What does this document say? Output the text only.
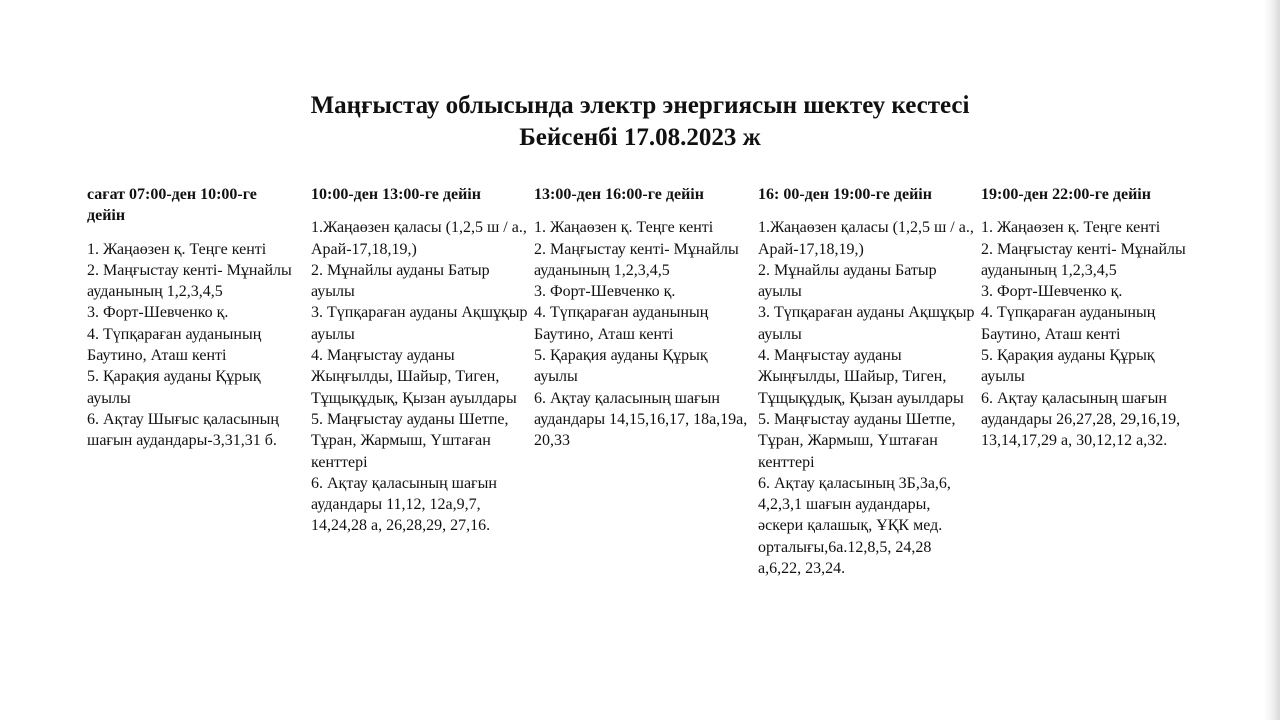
Маңғыстау облысында электр энергиясын шектеу кестесі
Бейсенбі 17.08.2023 ж
сағат 07:00-ден 10:00-ге дейін
1. Жаңаөзен қ. Теңге кенті
2. Маңғыстау кенті- Мұнайлы ауданының 1,2,3,4,5
3. Форт-Шевченко қ.
4. Түпқараған ауданының Баутино, Аташ кенті
5. Қарақия ауданы Құрық ауылы
6. Ақтау Шығыс қаласының шағын аудандары-3,31,31 б.
10:00-ден 13:00-ге дейін
1.Жаңаөзен қаласы (1,2,5 ш / а., Арай-17,18,19,)
2. Мұнайлы ауданы Батыр ауылы
3. Түпқараған ауданы Ақшұқыр ауылы
4. Маңғыстау ауданы Жыңғылды, Шайыр, Тиген, Тұщықұдық, Қызан ауылдары
5. Маңғыстау ауданы Шетпе, Тұран, Жармыш, Үштаған кенттері
6. Ақтау қаласының шағын аудандары 11,12, 12а,9,7, 14,24,28 а, 26,28,29, 27,16.
13:00-ден 16:00-ге дейін
1. Жаңаөзен қ. Теңге кенті
2. Маңғыстау кенті- Мұнайлы ауданының 1,2,3,4,5
3. Форт-Шевченко қ.
4. Түпқараған ауданының Баутино, Аташ кенті
5. Қарақия ауданы Құрық ауылы
6. Ақтау қаласының шағын аудандары 14,15,16,17, 18а,19а, 20,33
16: 00-ден 19:00-ге дейін
1.Жаңаөзен қаласы (1,2,5 ш / а., Арай-17,18,19,)
2. Мұнайлы ауданы Батыр ауылы
3. Түпқараған ауданы Ақшұқыр ауылы
4. Маңғыстау ауданы Жыңғылды, Шайыр, Тиген, Тұщықұдық, Қызан ауылдары
5. Маңғыстау ауданы Шетпе, Тұран, Жармыш, Үштаған кенттері
6. Ақтау қаласының 3Б,3а,6, 4,2,3,1 шағын аудандары, әскери қалашық, ҰҚК мед. орталығы,6а.12,8,5, 24,28 а,6,22, 23,24.
19:00-ден 22:00-ге дейін
1. Жаңаөзен қ. Теңге кенті
2. Маңғыстау кенті- Мұнайлы ауданының 1,2,3,4,5
3. Форт-Шевченко қ.
4. Түпқараған ауданының Баутино, Аташ кенті
5. Қарақия ауданы Құрық ауылы
6. Ақтау қаласының шағын аудандары 26,27,28, 29,16,19, 13,14,17,29 а, 30,12,12 а,32.
